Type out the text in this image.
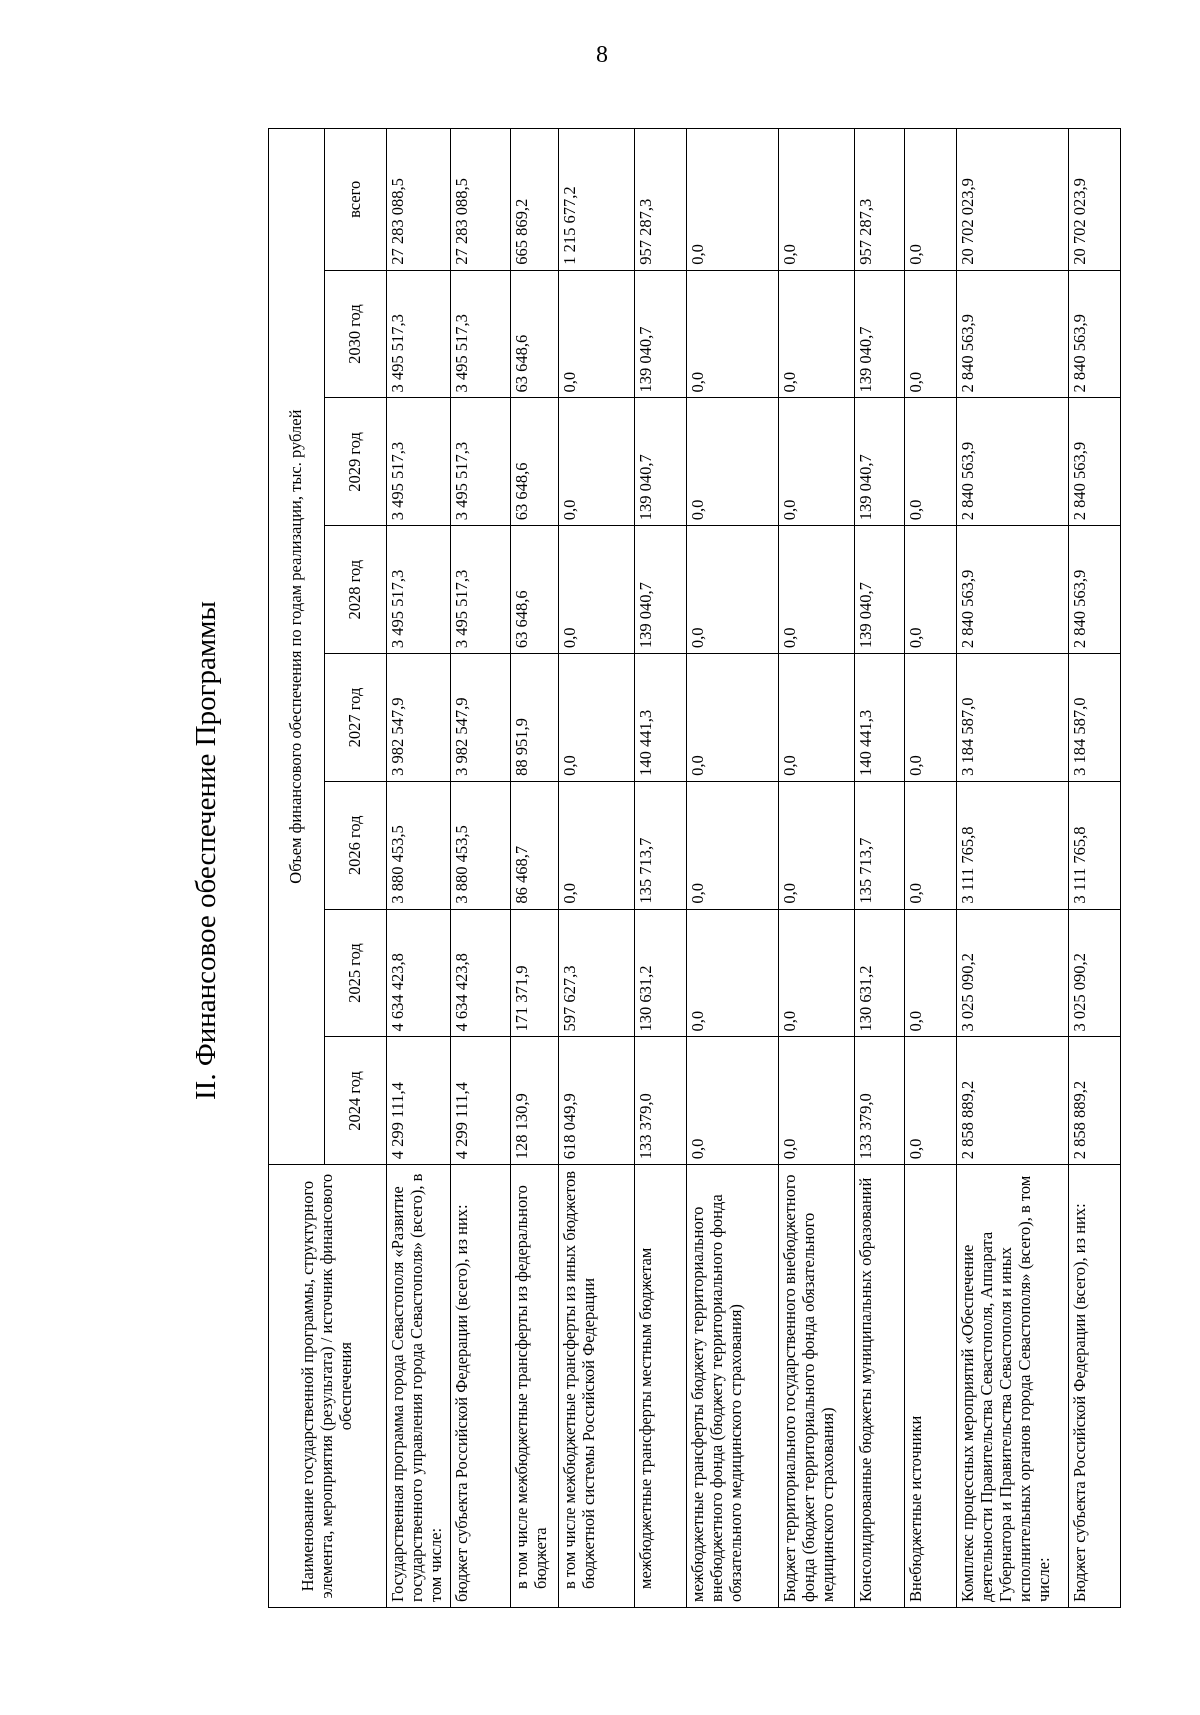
8
II. Финансовое обеспечение Программы
Наименование государственной программы, структурного элемента, мероприятия (результата) / источник финансового обеспечения	Объем финансового обеспечения по годам реализации, тыс. рублей							
	2024 год	2025 год	2026 год	2027 год	2028 год	2029 год	2030 год	всего
Государственная программа города Севастополя «Развитие государственного управления города Севастополя» (всего), в том числе:	4 299 111,4	4 634 423,8	3 880 453,5	3 982 547,9	3 495 517,3	3 495 517,3	3 495 517,3	27 283 088,5
бюджет субъекта Российской Федерации (всего), из них:	4 299 111,4	4 634 423,8	3 880 453,5	3 982 547,9	3 495 517,3	3 495 517,3	3 495 517,3	27 283 088,5
в том числе межбюджетные трансферты из федерального бюджета	128 130,9	171 371,9	86 468,7	88 951,9	63 648,6	63 648,6	63 648,6	665 869,2
в том числе межбюджетные трансферты из иных бюджетов бюджетной системы Российской Федерации	618 049,9	597 627,3	0,0	0,0	0,0	0,0	0,0	1 215 677,2
межбюджетные трансферты местным бюджетам	133 379,0	130 631,2	135 713,7	140 441,3	139 040,7	139 040,7	139 040,7	957 287,3
межбюджетные трансферты бюджету территориального внебюджетного фонда (бюджету территориального фонда обязательного медицинского страхования)	0,0	0,0	0,0	0,0	0,0	0,0	0,0	0,0
Бюджет территориального государственного внебюджетного фонда (бюджет территориального фонда обязательного медицинского страхования)	0,0	0,0	0,0	0,0	0,0	0,0	0,0	0,0
Консолидированные бюджеты муниципальных образований	133 379,0	130 631,2	135 713,7	140 441,3	139 040,7	139 040,7	139 040,7	957 287,3
Внебюджетные источники	0,0	0,0	0,0	0,0	0,0	0,0	0,0	0,0
Комплекс процессных мероприятий «Обеспечение деятельности Правительства Севастополя, Аппарата Губернатора и Правительства Севастополя и иных исполнительных органов города Севастополя» (всего), в том числе:	2 858 889,2	3 025 090,2	3 111 765,8	3 184 587,0	2 840 563,9	2 840 563,9	2 840 563,9	20 702 023,9
Бюджет субъекта Российской Федерации (всего), из них:	2 858 889,2	3 025 090,2	3 111 765,8	3 184 587,0	2 840 563,9	2 840 563,9	2 840 563,9	20 702 023,9
